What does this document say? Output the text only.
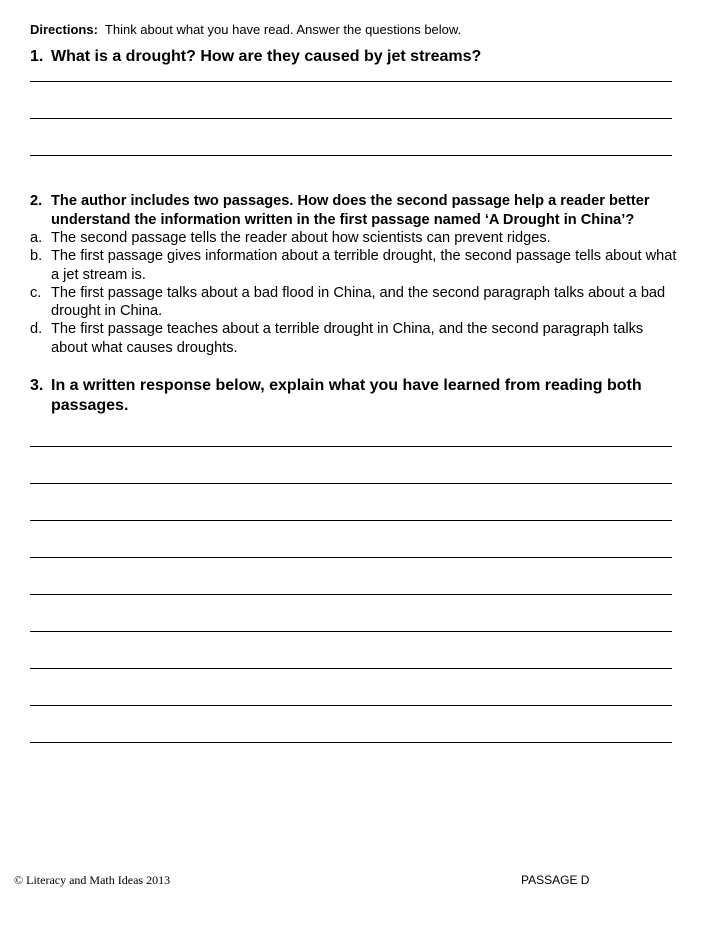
Directions: Think about what you have read. Answer the questions below.
1. What is a drought? How are they caused by jet streams?
2. The author includes two passages. How does the second passage help a reader better understand the information written in the first passage named ‘A Drought in China’?
a. The second passage tells the reader about how scientists can prevent ridges.
b. The first passage gives information about a terrible drought, the second passage tells about what a jet stream is.
c. The first passage talks about a bad flood in China, and the second paragraph talks about a bad drought in China.
d. The first passage teaches about a terrible drought in China, and the second paragraph talks about what causes droughts.
3. In a written response below, explain what you have learned from reading both passages.
© Literacy and Math Ideas 2013	PASSAGE D
